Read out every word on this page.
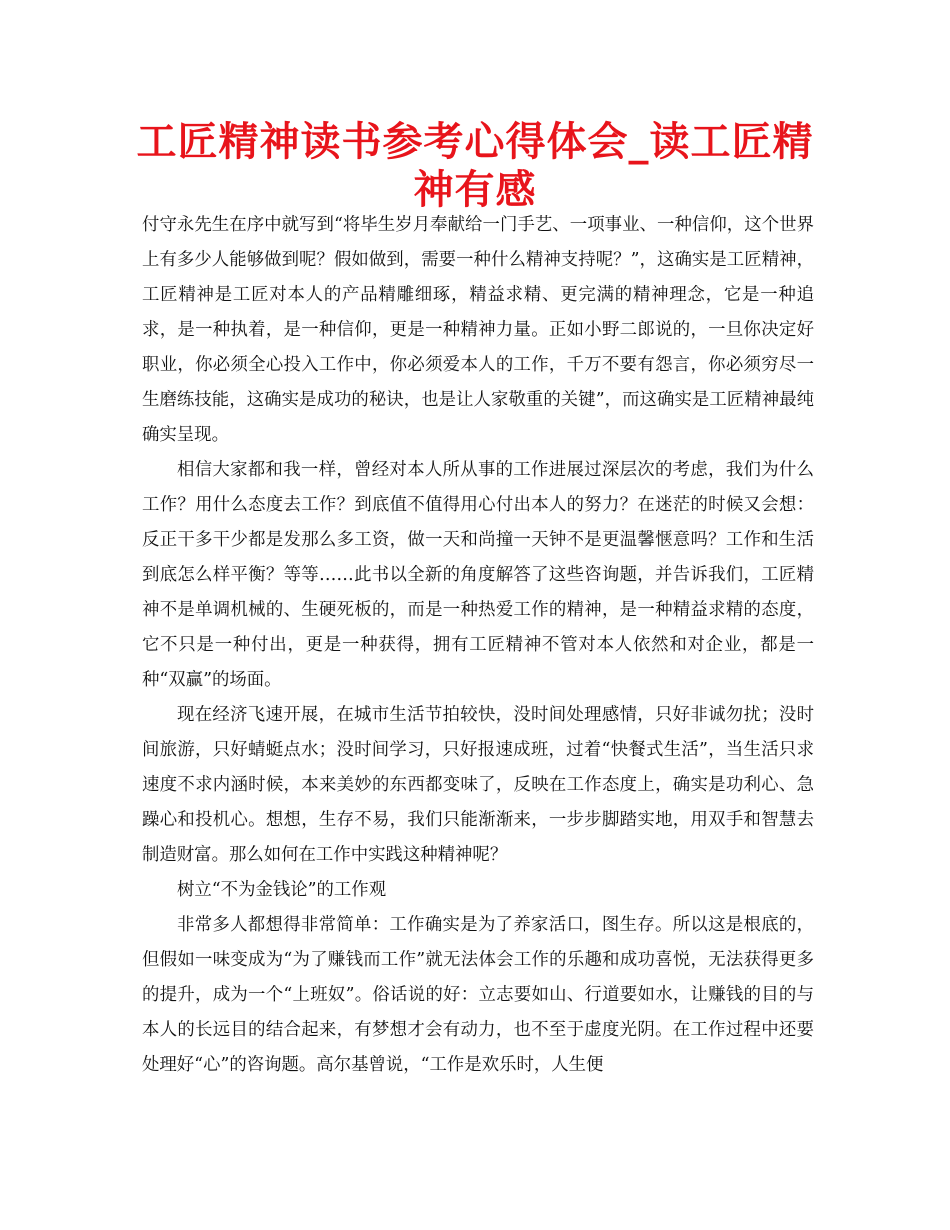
工匠精神读书参考心得体会_读工匠精神有感

付守永先生在序中就写到“将毕生岁月奉献给一门手艺、一项事业、一种信仰，这个世界上有多少人能够做到呢？假如做到，需要一种什么精神支持呢？”，这确实是工匠精神，工匠精神是工匠对本人的产品精雕细琢，精益求精、更完满的精神理念，它是一种追求，是一种执着，是一种信仰，更是一种精神力量。正如小野二郎说的，一旦你决定好职业，你必须全心投入工作中，你必须爱本人的工作，千万不要有怨言，你必须穷尽一生磨练技能，这确实是成功的秘诀，也是让人家敬重的关键”，而这确实是工匠精神最纯确实呈现。

相信大家都和我一样，曾经对本人所从事的工作进展过深层次的考虑，我们为什么工作？用什么态度去工作？到底值不值得用心付出本人的努力？在迷茫的时候又会想：反正干多干少都是发那么多工资，做一天和尚撞一天钟不是更温馨惬意吗？工作和生活到底怎么样平衡？等等……此书以全新的角度解答了这些咨询题，并告诉我们，工匠精神不是单调机械的、生硬死板的，而是一种热爱工作的精神，是一种精益求精的态度，它不只是一种付出，更是一种获得，拥有工匠精神不管对本人依然和对企业，都是一种“双赢”的场面。

现在经济飞速开展，在城市生活节拍较快，没时间处理感情，只好非诚勿扰；没时间旅游，只好蜻蜓点水；没时间学习，只好报速成班，过着“快餐式生活”，当生活只求速度不求内涵时候，本来美妙的东西都变味了，反映在工作态度上，确实是功利心、急躁心和投机心。想想，生存不易，我们只能渐渐来，一步步脚踏实地，用双手和智慧去制造财富。那么如何在工作中实践这种精神呢？

树立“不为金钱论”的工作观

非常多人都想得非常简单：工作确实是为了养家活口，图生存。所以这是根底的，但假如一味变成为“为了赚钱而工作”就无法体会工作的乐趣和成功喜悦，无法获得更多的提升，成为一个“上班奴”。俗话说的好：立志要如山、行道要如水，让赚钱的目的与本人的长远目的结合起来，有梦想才会有动力，也不至于虚度光阴。在工作过程中还要处理好“心”的咨询题。高尔基曾说，“工作是欢乐时，人生便
